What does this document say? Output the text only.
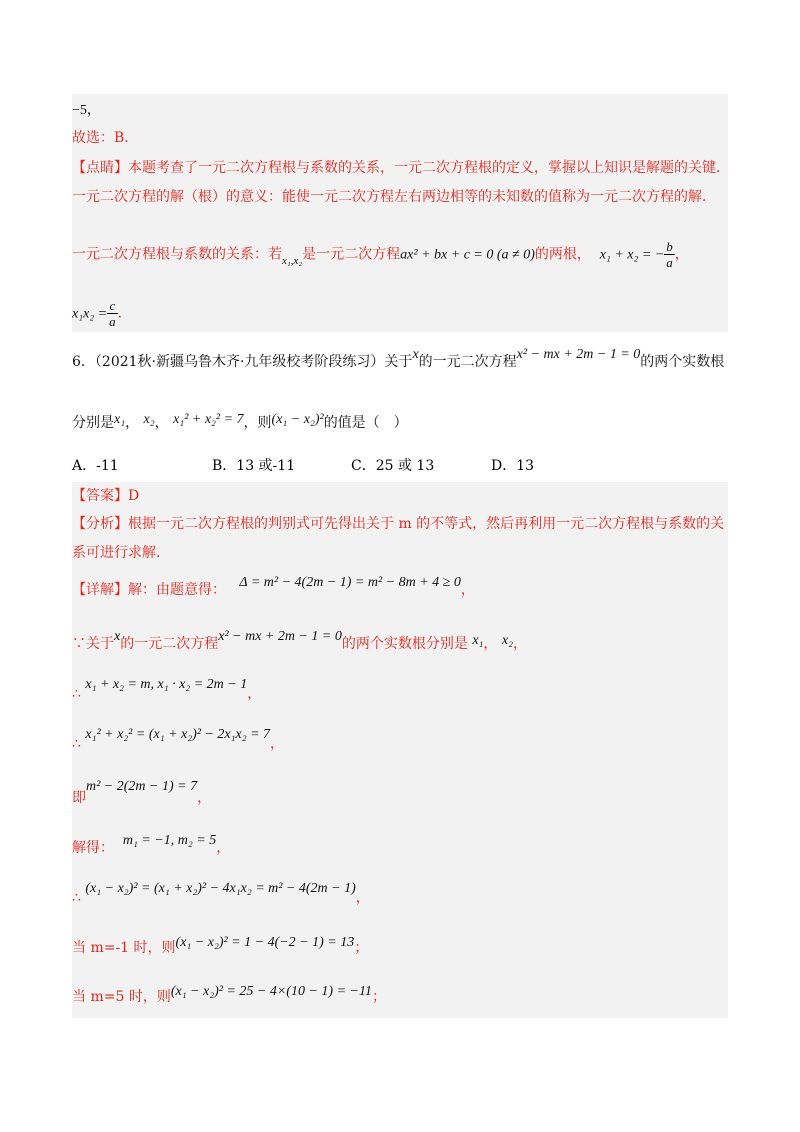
−5，
故选：B．
【点睛】本题考查了一元二次方程根与系数的关系，一元二次方程根的定义，掌握以上知识是解题的关键．
一元二次方程的解（根）的意义：能使一元二次方程左右两边相等的未知数的值称为一元二次方程的解．
一元二次方程根与系数的关系：若$_{x_1,x_2}$是一元二次方程ax² + bx + c = 0 (a ≠ 0)的两根， x₁ + x₂ = − $\frac{b}{a}$ ，
$x_1x_2 = \frac{c}{a}$ ．
6．（2021秋·新疆乌鲁木齐·九年级校考阶段练习）关于x的一元二次方程x² − mx + 2m − 1 = 0的两个实数根
分别是x₁， x₂， x₁² + x₂² = 7，则(x₁ − x₂)²的值是（　）
A．-11	B．13 或-11	C．25 或 13	D．13
【答案】D
【分析】根据一元二次方程根的判别式可先得出关于 m 的不等式，然后再利用一元二次方程根与系数的关
系可进行求解．
【详解】解：由题意得： Δ = m² − 4(2m − 1) = m² − 8m + 4 ≥ 0，
∵关于x的一元二次方程x² − mx + 2m − 1 = 0的两个实数根分别是 x₁， x₂，
∴ x₁ + x₂ = m, x₁ · x₂ = 2m − 1，
∴ x₁² + x₂² = (x₁ + x₂)² − 2x₁x₂ = 7，
即m² − 2(2m − 1) = 7，
解得： m₁ = −1, m₂ = 5，
∴ (x₁ − x₂)² = (x₁ + x₂)² − 4x₁x₂ = m² − 4(2m − 1)，
当 m=-1 时，则(x₁ − x₂)² = 1 − 4(−2 − 1) = 13；
当 m=5 时，则(x₁ − x₂)² = 25 − 4×(10 − 1) = −11；
